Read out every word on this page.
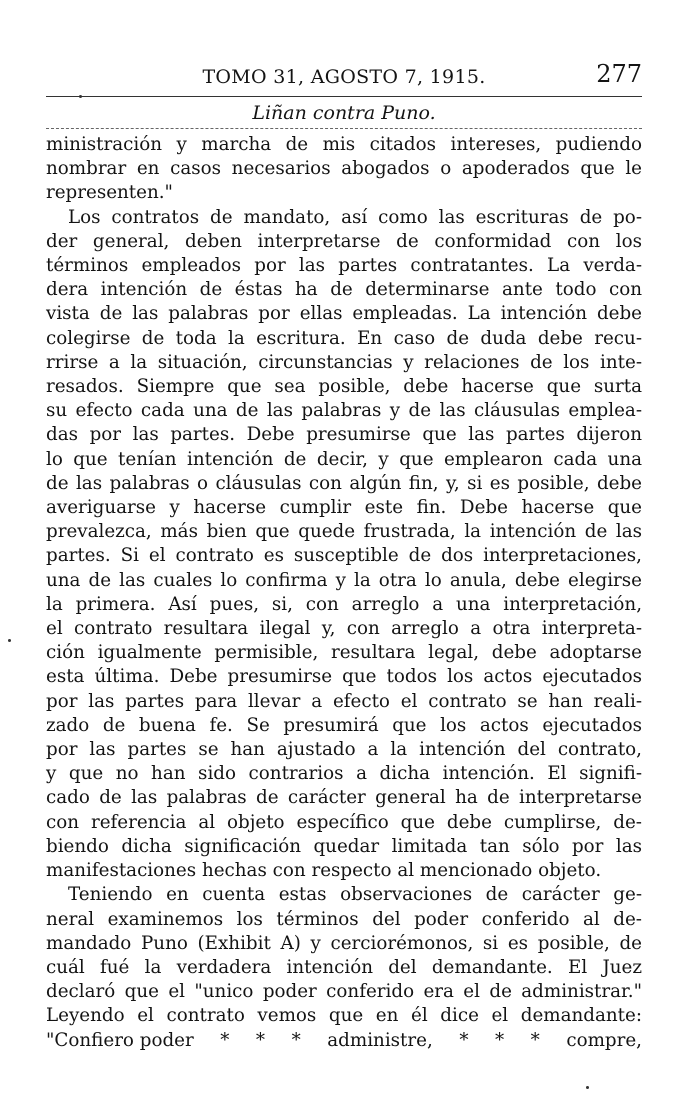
TOMO 31, AGOSTO 7, 1915.	277
Liñan contra Puno.
ministración y marcha de mis citados intereses, pudiendo
nombrar en casos necesarios abogados o apoderados que le
representen."
Los contratos de mandato, así como las escrituras de po-
der general, deben interpretarse de conformidad con los
términos empleados por las partes contratantes. La verda-
dera intención de éstas ha de determinarse ante todo con
vista de las palabras por ellas empleadas. La intención debe
colegirse de toda la escritura. En caso de duda debe recu-
rrirse a la situación, circunstancias y relaciones de los inte-
resados. Siempre que sea posible, debe hacerse que surta
su efecto cada una de las palabras y de las cláusulas emplea-
das por las partes. Debe presumirse que las partes dijeron
lo que tenían intención de decir, y que emplearon cada una
de las palabras o cláusulas con algún fin, y, si es posible, debe
averiguarse y hacerse cumplir este fin. Debe hacerse que
prevalezca, más bien que quede frustrada, la intención de las
partes. Si el contrato es susceptible de dos interpretaciones,
una de las cuales lo confirma y la otra lo anula, debe elegirse
la primera. Así pues, si, con arreglo a una interpretación,
el contrato resultara ilegal y, con arreglo a otra interpreta-
ción igualmente permisible, resultara legal, debe adoptarse
esta última. Debe presumirse que todos los actos ejecutados
por las partes para llevar a efecto el contrato se han reali-
zado de buena fe. Se presumirá que los actos ejecutados
por las partes se han ajustado a la intención del contrato,
y que no han sido contrarios a dicha intención. El signifi-
cado de las palabras de carácter general ha de interpretarse
con referencia al objeto específico que debe cumplirse, de-
biendo dicha significación quedar limitada tan sólo por las
manifestaciones hechas con respecto al mencionado objeto.
Teniendo en cuenta estas observaciones de carácter ge-
neral examinemos los términos del poder conferido al de-
mandado Puno (Exhibit A) y cerciorémonos, si es posible, de
cuál fué la verdadera intención del demandante. El Juez
declaró que el "unico poder conferido era el de administrar."
Leyendo el contrato vemos que en él dice el demandante:
"Confiero poder * * * administre, * * * compre,
